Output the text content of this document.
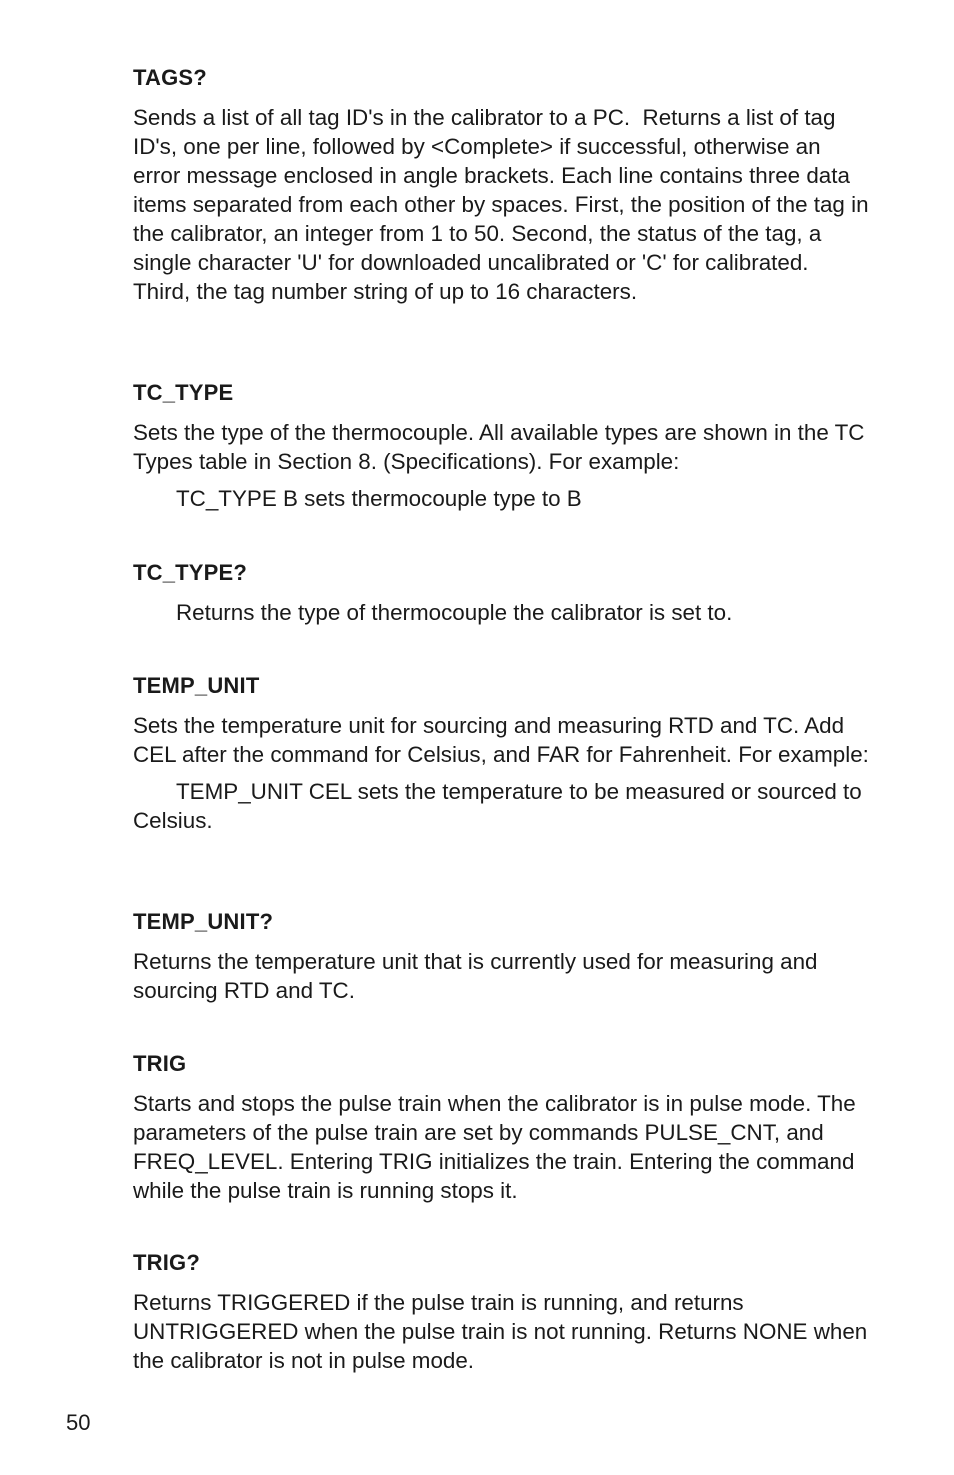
TAGS?

Sends a list of all tag ID's in the calibrator to a PC.  Returns a list of tag ID's, one per line, followed by <Complete> if successful, otherwise an error message enclosed in angle brackets. Each line contains three data items separated from each other by spaces. First, the position of the tag in the calibrator, an integer from 1 to 50. Second, the status of the tag, a single character 'U' for downloaded uncalibrated or 'C' for calibrated.  Third, the tag number string of up to 16 characters.

TC_TYPE

Sets the type of the thermocouple. All available types are shown in the TC Types table in Section 8. (Specifications). For example:

TC_TYPE B sets thermocouple type to B

TC_TYPE?

Returns the type of thermocouple the calibrator is set to.

TEMP_UNIT

Sets the temperature unit for sourcing and measuring RTD and TC. Add CEL after the command for Celsius, and FAR for Fahrenheit. For example:

TEMP_UNIT CEL sets the temperature to be measured or sourced to Celsius.

TEMP_UNIT?

Returns the temperature unit that is currently used for measuring and sourcing RTD and TC.

TRIG

Starts and stops the pulse train when the calibrator is in pulse mode. The parameters of the pulse train are set by commands PULSE_CNT, and FREQ_LEVEL. Entering TRIG initializes the train. Entering the command while the pulse train is running stops it.

TRIG?

Returns TRIGGERED if the pulse train is running, and returns UNTRIGGERED when the pulse train is not running. Returns NONE when the calibrator is not in pulse mode.

50
